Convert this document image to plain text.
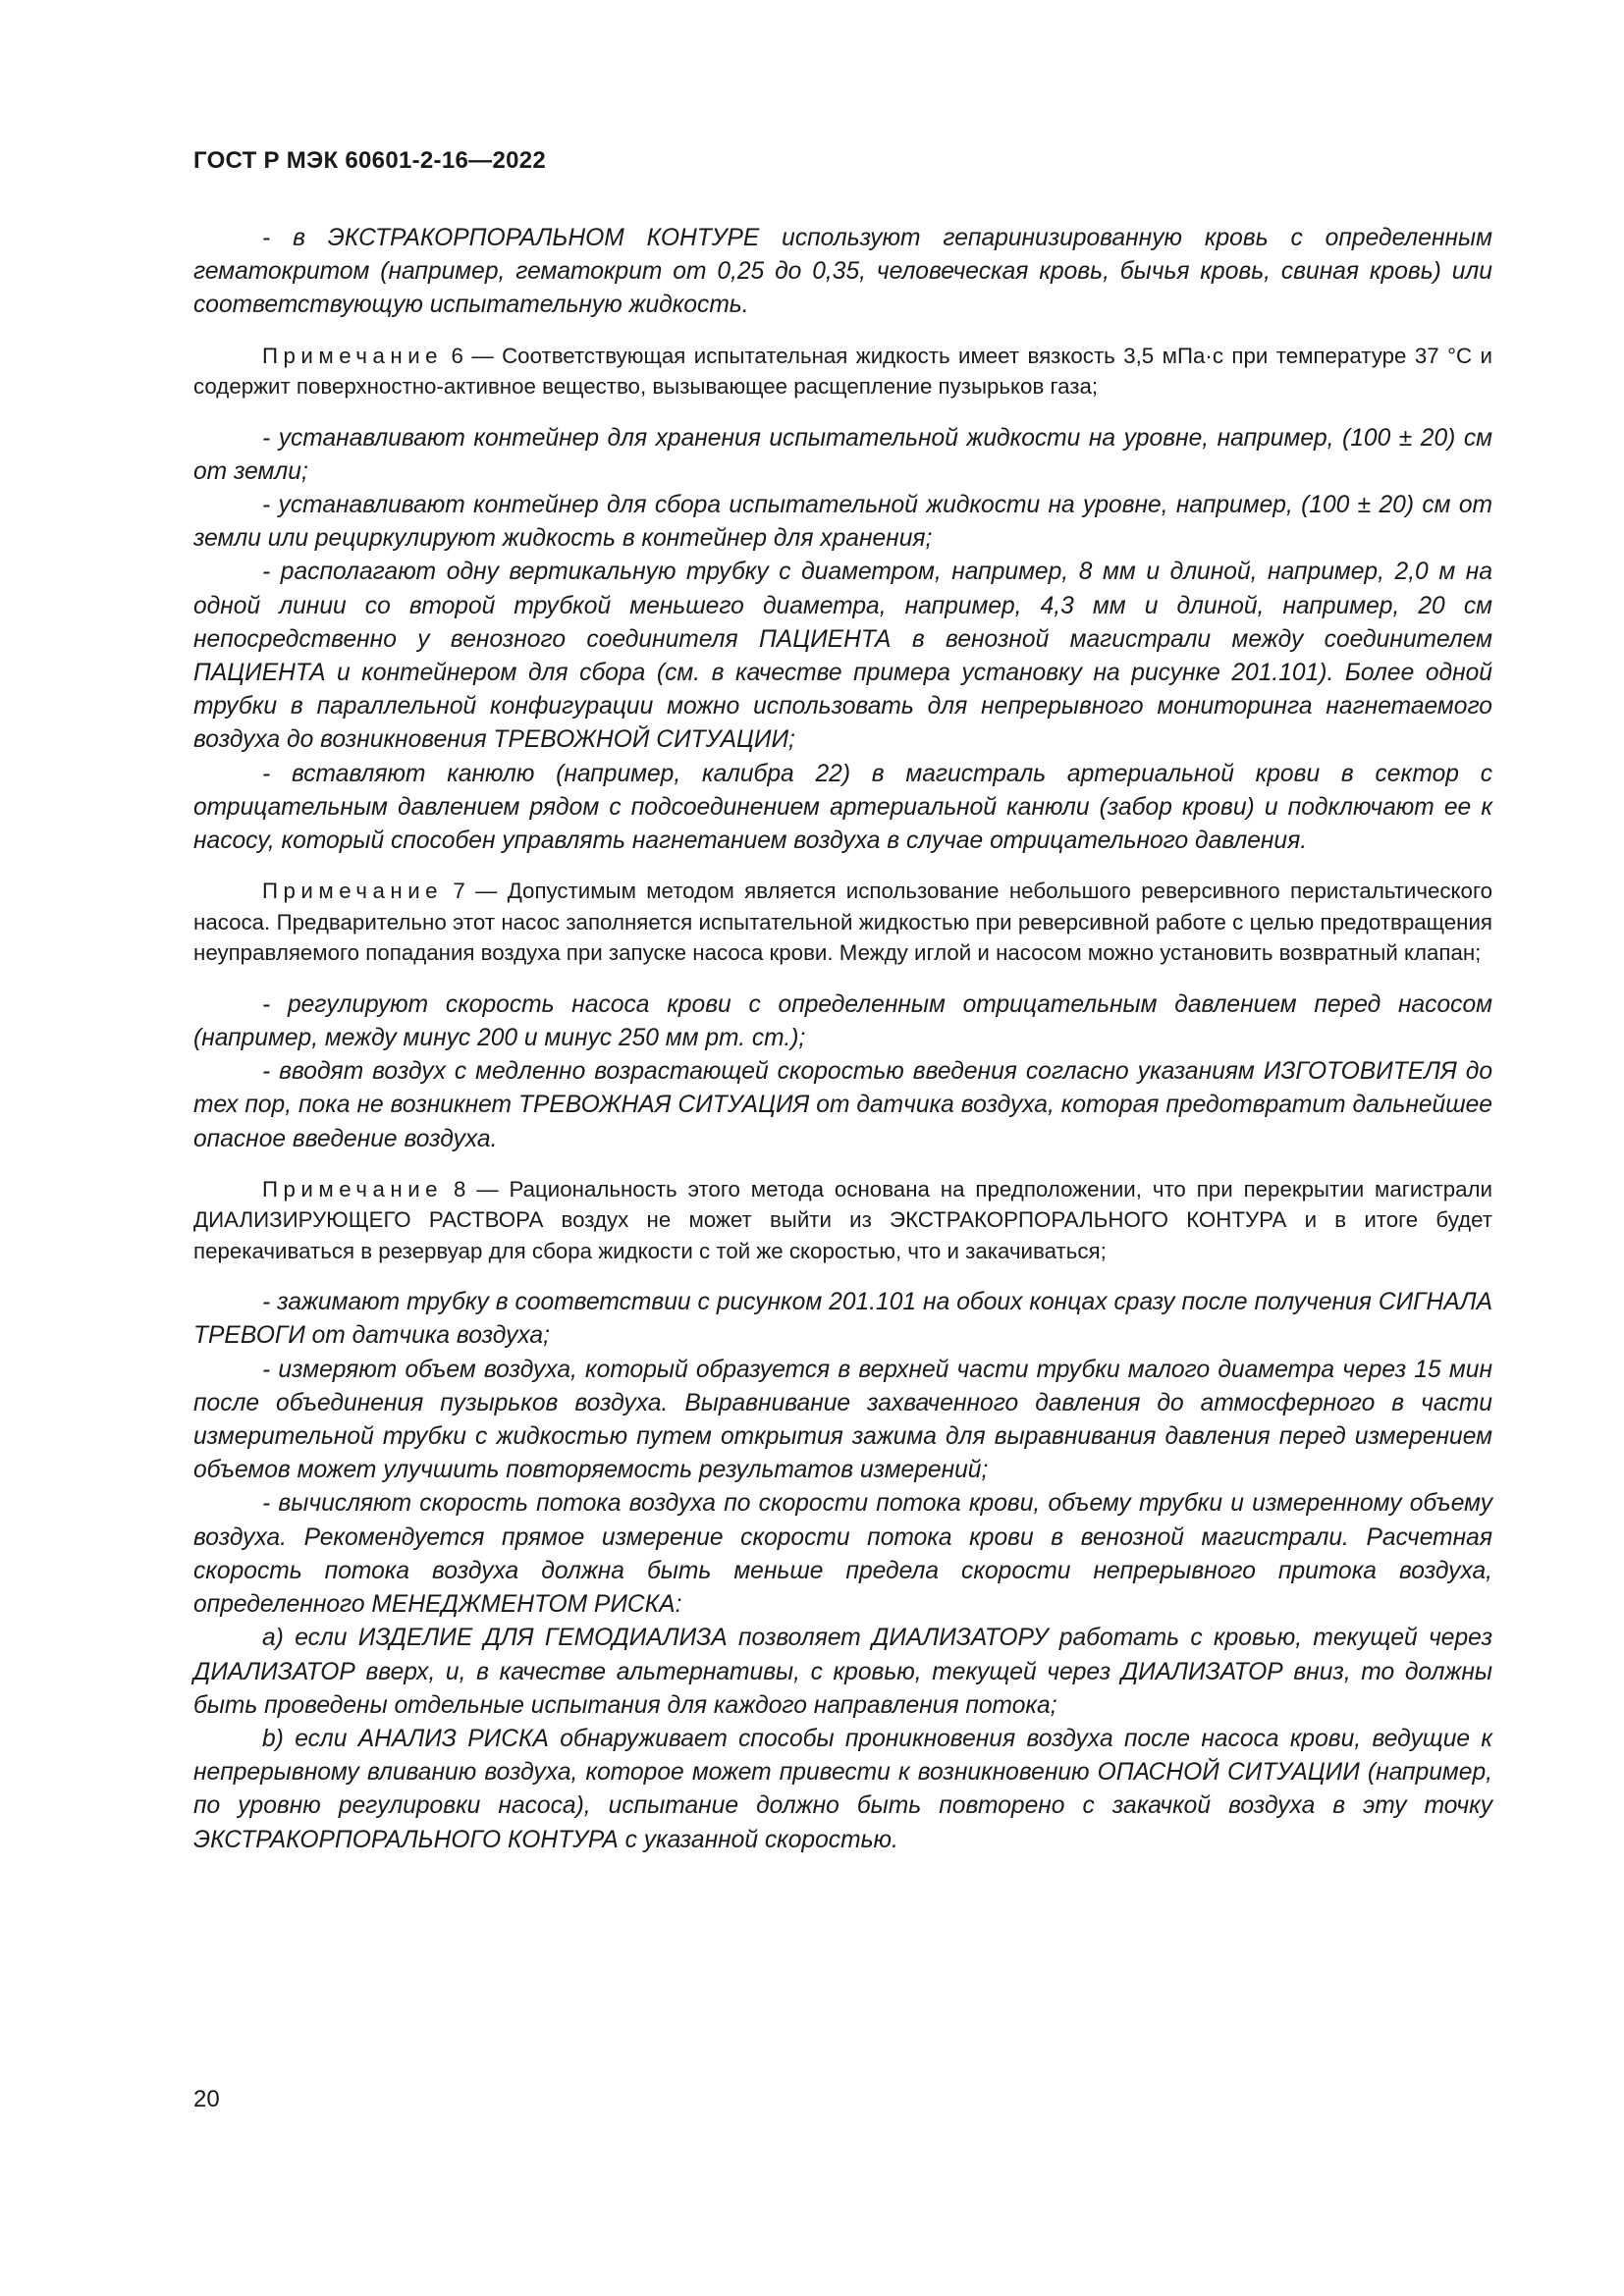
ГОСТ Р МЭК 60601-2-16—2022

- в ЭКСТРАКОРПОРАЛЬНОМ КОНТУРЕ используют гепаринизированную кровь с определенным гематокритом (например, гематокрит от 0,25 до 0,35, человеческая кровь, бычья кровь, свиная кровь) или соответствующую испытательную жидкость.

Примечание 6 — Соответствующая испытательная жидкость имеет вязкость 3,5 мПа·с при температуре 37 °С и содержит поверхностно-активное вещество, вызывающее расщепление пузырьков газа;

- устанавливают контейнер для хранения испытательной жидкости на уровне, например, (100 ± 20) см от земли;

- устанавливают контейнер для сбора испытательной жидкости на уровне, например, (100 ± 20) см от земли или рециркулируют жидкость в контейнер для хранения;

- располагают одну вертикальную трубку с диаметром, например, 8 мм и длиной, например, 2,0 м на одной линии со второй трубкой меньшего диаметра, например, 4,3 мм и длиной, например, 20 см непосредственно у венозного соединителя ПАЦИЕНТА в венозной магистрали между соединителем ПАЦИЕНТА и контейнером для сбора (см. в качестве примера установку на рисунке 201.101). Более одной трубки в параллельной конфигурации можно использовать для непрерывного мониторинга нагнетаемого воздуха до возникновения ТРЕВОЖНОЙ СИТУАЦИИ;

- вставляют канюлю (например, калибра 22) в магистраль артериальной крови в сектор с отрицательным давлением рядом с подсоединением артериальной канюли (забор крови) и подключают ее к насосу, который способен управлять нагнетанием воздуха в случае отрицательного давления.

Примечание 7 — Допустимым методом является использование небольшого реверсивного перистальтического насоса. Предварительно этот насос заполняется испытательной жидкостью при реверсивной работе с целью предотвращения неуправляемого попадания воздуха при запуске насоса крови. Между иглой и насосом можно установить возвратный клапан;

- регулируют скорость насоса крови с определенным отрицательным давлением перед насосом (например, между минус 200 и минус 250 мм рт. ст.);

- вводят воздух с медленно возрастающей скоростью введения согласно указаниям ИЗГОТОВИТЕЛЯ до тех пор, пока не возникнет ТРЕВОЖНАЯ СИТУАЦИЯ от датчика воздуха, которая предотвратит дальнейшее опасное введение воздуха.

Примечание 8 — Рациональность этого метода основана на предположении, что при перекрытии магистрали ДИАЛИЗИРУЮЩЕГО РАСТВОРА воздух не может выйти из ЭКСТРАКОРПОРАЛЬНОГО КОНТУРА и в итоге будет перекачиваться в резервуар для сбора жидкости с той же скоростью, что и закачиваться;

- зажимают трубку в соответствии с рисунком 201.101 на обоих концах сразу после получения СИГНАЛА ТРЕВОГИ от датчика воздуха;

- измеряют объем воздуха, который образуется в верхней части трубки малого диаметра через 15 мин после объединения пузырьков воздуха. Выравнивание захваченного давления до атмосферного в части измерительной трубки с жидкостью путем открытия зажима для выравнивания давления перед измерением объемов может улучшить повторяемость результатов измерений;

- вычисляют скорость потока воздуха по скорости потока крови, объему трубки и измеренному объему воздуха. Рекомендуется прямое измерение скорости потока крови в венозной магистрали. Расчетная скорость потока воздуха должна быть меньше предела скорости непрерывного притока воздуха, определенного МЕНЕДЖМЕНТОМ РИСКА:

a) если ИЗДЕЛИЕ ДЛЯ ГЕМОДИАЛИЗА позволяет ДИАЛИЗАТОРУ работать с кровью, текущей через ДИАЛИЗАТОР вверх, и, в качестве альтернативы, с кровью, текущей через ДИАЛИЗАТОР вниз, то должны быть проведены отдельные испытания для каждого направления потока;

b) если АНАЛИЗ РИСКА обнаруживает способы проникновения воздуха после насоса крови, ведущие к непрерывному вливанию воздуха, которое может привести к возникновению ОПАСНОЙ СИТУАЦИИ (например, по уровню регулировки насоса), испытание должно быть повторено с закачкой воздуха в эту точку ЭКСТРАКОРПОРАЛЬНОГО КОНТУРА с указанной скоростью.

20
